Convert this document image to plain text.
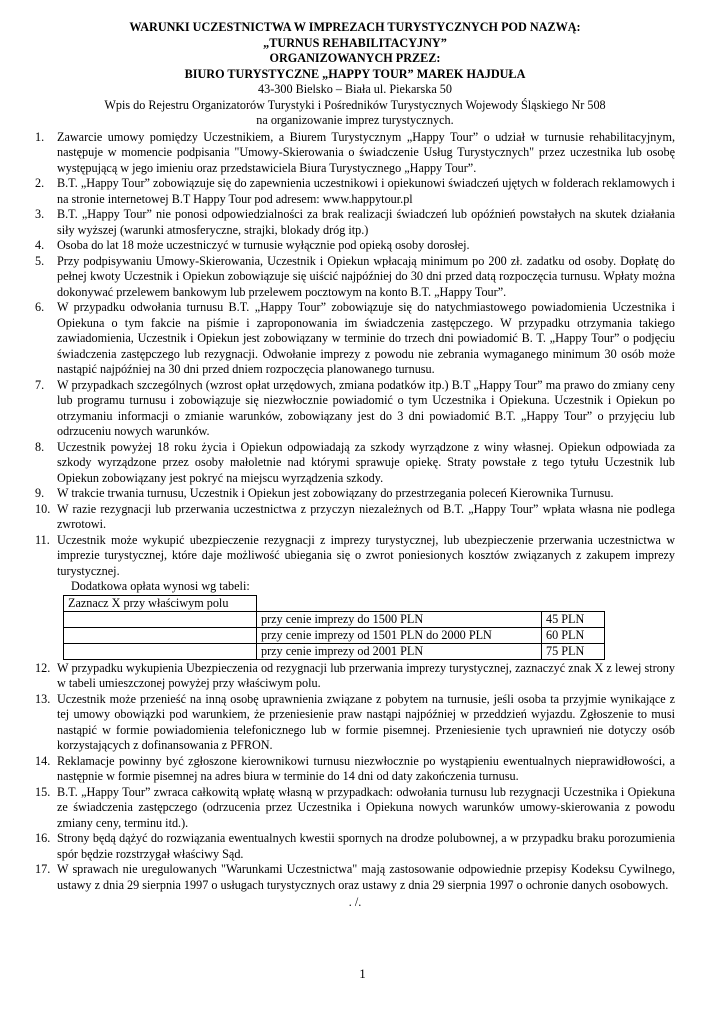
WARUNKI UCZESTNICTWA W IMPREZACH TURYSTYCZNYCH POD NAZWĄ:
„TURNUS REHABILITACYJNY”
ORGANIZOWANYCH PRZEZ:
BIURO TURYSTYCZNE „HAPPY TOUR” MAREK HAJDUŁA
43-300 Bielsko – Biała ul. Piekarska 50
Wpis do Rejestru Organizatorów Turystyki i Pośredników Turystycznych Wojewody Śląskiego Nr 508
na organizowanie imprez turystycznych.
1.	Zawarcie umowy pomiędzy Uczestnikiem, a Biurem Turystycznym „Happy Tour” o udział w turnusie rehabilitacyjnym, następuje w momencie podpisania "Umowy-Skierowania o świadczenie Usług Turystycznych" przez uczestnika lub osobę występującą w jego imieniu oraz przedstawiciela Biura Turystycznego „Happy Tour”.
2.	B.T. „Happy Tour” zobowiązuje się do zapewnienia uczestnikowi i opiekunowi świadczeń ujętych w folderach reklamowych i na stronie internetowej B.T Happy Tour pod adresem: www.happytour.pl
3.	B.T. „Happy Tour” nie ponosi odpowiedzialności za brak realizacji świadczeń lub opóźnień powstałych na skutek działania siły wyższej (warunki atmosferyczne, strajki, blokady dróg itp.)
4.	Osoba do lat 18 może uczestniczyć w turnusie wyłącznie pod opieką osoby dorosłej.
5.	Przy podpisywaniu Umowy-Skierowania, Uczestnik i Opiekun wpłacają minimum po 200 zł. zadatku od osoby. Dopłatę do pełnej kwoty Uczestnik i Opiekun zobowiązuje się uiścić najpóźniej do 30 dni przed datą rozpoczęcia turnusu. Wpłaty można dokonywać przelewem bankowym lub przelewem pocztowym na konto B.T. „Happy Tour”.
6.	W przypadku odwołania turnusu B.T. „Happy Tour” zobowiązuje się do natychmiastowego powiadomienia Uczestnika i Opiekuna o tym fakcie na piśmie i zaproponowania im świadczenia zastępczego. W przypadku otrzymania takiego zawiadomienia, Uczestnik i Opiekun jest zobowiązany w terminie do trzech dni powiadomić B. T. „Happy Tour” o podjęciu świadczenia zastępczego lub rezygnacji. Odwołanie imprezy z powodu nie zebrania wymaganego minimum 30 osób może nastąpić najpóźniej na 30 dni przed dniem rozpoczęcia planowanego turnusu.
7.	W przypadkach szczególnych (wzrost opłat urzędowych, zmiana podatków itp.) B.T „Happy Tour” ma prawo do zmiany ceny lub programu turnusu i zobowiązuje się niezwłocznie powiadomić o tym Uczestnika i Opiekuna. Uczestnik i Opiekun po otrzymaniu informacji o zmianie warunków, zobowiązany jest do 3 dni powiadomić B.T. „Happy Tour” o przyjęciu lub odrzuceniu nowych warunków.
8.	Uczestnik powyżej 18 roku życia i Opiekun odpowiadają za szkody wyrządzone z winy własnej. Opiekun odpowiada za szkody wyrządzone przez osoby małoletnie nad którymi sprawuje opiekę. Straty powstałe z tego tytułu Uczestnik lub Opiekun zobowiązany jest pokryć na miejscu wyrządzenia szkody.
9.	W trakcie trwania turnusu, Uczestnik i Opiekun jest zobowiązany do przestrzegania poleceń Kierownika Turnusu.
10. W razie rezygnacji lub przerwania uczestnictwa z przyczyn niezależnych od B.T. „Happy Tour” wpłata własna nie podlega zwrotowi.
11. Uczestnik może wykupić ubezpieczenie rezygnacji z imprezy turystycznej, lub ubezpieczenie przerwania uczestnictwa w imprezie turystycznej, które daje możliwość ubiegania się o zwrot poniesionych kosztów związanych z zakupem imprezy turystycznej.
Dodatkowa opłata wynosi wg tabeli:
Zaznacz X przy właściwym polu		
	przy cenie imprezy do 1500 PLN	45 PLN
	przy cenie imprezy od 1501 PLN do 2000 PLN	60 PLN
	przy cenie imprezy od 2001 PLN	75 PLN
12. W przypadku wykupienia Ubezpieczenia od rezygnacji lub przerwania imprezy turystycznej, zaznaczyć znak X z lewej strony w tabeli umieszczonej powyżej przy właściwym polu.
13. Uczestnik może przenieść na inną osobę uprawnienia związane z pobytem na turnusie, jeśli osoba ta przyjmie wynikające z tej umowy obowiązki pod warunkiem, że przeniesienie praw nastąpi najpóźniej w przeddzień wyjazdu. Zgłoszenie to musi nastąpić w formie powiadomienia telefonicznego lub w formie pisemnej. Przeniesienie tych uprawnień nie dotyczy osób korzystających z dofinansowania z PFRON.
14. Reklamacje powinny być zgłoszone kierownikowi turnusu niezwłocznie po wystąpieniu ewentualnych nieprawidłowości, a następnie w formie pisemnej na adres biura w terminie do 14 dni od daty zakończenia turnusu.
15. B.T. „Happy Tour” zwraca całkowitą wpłatę własną w przypadkach: odwołania turnusu lub rezygnacji Uczestnika i Opiekuna ze świadczenia zastępczego (odrzucenia przez Uczestnika i Opiekuna nowych warunków umowy-skierowania z powodu zmiany ceny, terminu itd.).
16. Strony będą dążyć do rozwiązania ewentualnych kwestii spornych na drodze polubownej, a w przypadku braku porozumienia spór będzie rozstrzygał właściwy Sąd.
17. W sprawach nie uregulowanych "Warunkami Uczestnictwa" mają zastosowanie odpowiednie przepisy Kodeksu Cywilnego, ustawy z dnia 29 sierpnia 1997 o usługach turystycznych oraz ustawy z dnia 29 sierpnia 1997 o ochronie danych osobowych.
. /.
1
